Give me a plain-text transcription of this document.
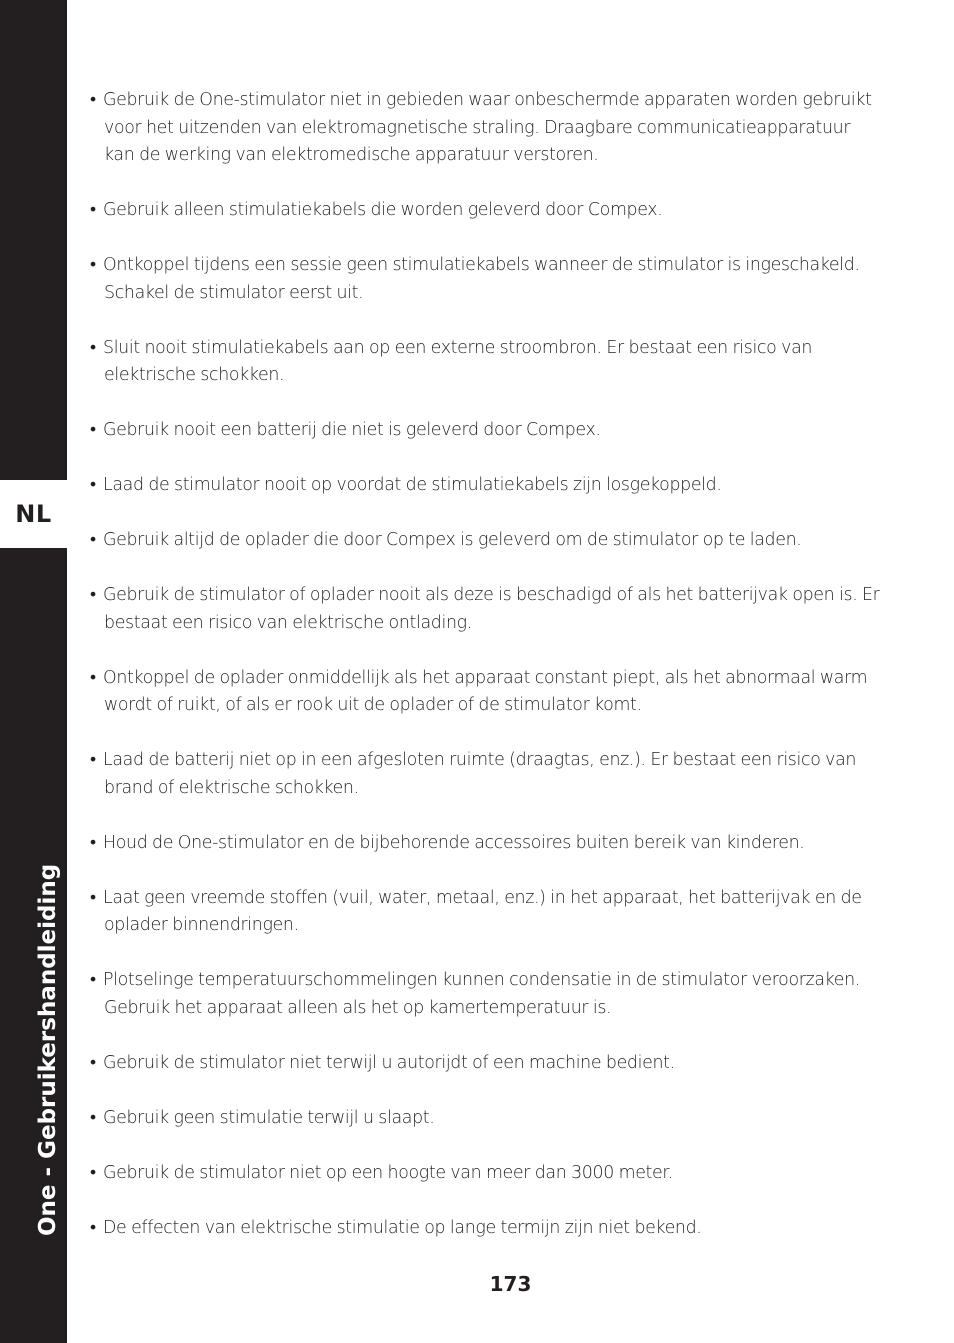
NL
One - Gebruikershandleiding

• Gebruik de One-stimulator niet in gebieden waar onbeschermde apparaten worden gebruikt voor het uitzenden van elektromagnetische straling. Draagbare communicatieapparatuur kan de werking van elektromedische apparatuur verstoren.

• Gebruik alleen stimulatiekabels die worden geleverd door Compex.

• Ontkoppel tijdens een sessie geen stimulatiekabels wanneer de stimulator is ingeschakeld. Schakel de stimulator eerst uit.

• Sluit nooit stimulatiekabels aan op een externe stroombron. Er bestaat een risico van elektrische schokken.

• Gebruik nooit een batterij die niet is geleverd door Compex.

• Laad de stimulator nooit op voordat de stimulatiekabels zijn losgekoppeld.

• Gebruik altijd de oplader die door Compex is geleverd om de stimulator op te laden.

• Gebruik de stimulator of oplader nooit als deze is beschadigd of als het batterijvak open is. Er bestaat een risico van elektrische ontlading.

• Ontkoppel de oplader onmiddellijk als het apparaat constant piept, als het abnormaal warm wordt of ruikt, of als er rook uit de oplader of de stimulator komt.

• Laad de batterij niet op in een afgesloten ruimte (draagtas, enz.). Er bestaat een risico van brand of elektrische schokken.

• Houd de One-stimulator en de bijbehorende accessoires buiten bereik van kinderen.

• Laat geen vreemde stoffen (vuil, water, metaal, enz.) in het apparaat, het batterijvak en de oplader binnendringen.

• Plotselinge temperatuurschommelingen kunnen condensatie in de stimulator veroorzaken. Gebruik het apparaat alleen als het op kamertemperatuur is.

• Gebruik de stimulator niet terwijl u autorijdt of een machine bedient.

• Gebruik geen stimulatie terwijl u slaapt.

• Gebruik de stimulator niet op een hoogte van meer dan 3000 meter.

• De effecten van elektrische stimulatie op lange termijn zijn niet bekend.

173
